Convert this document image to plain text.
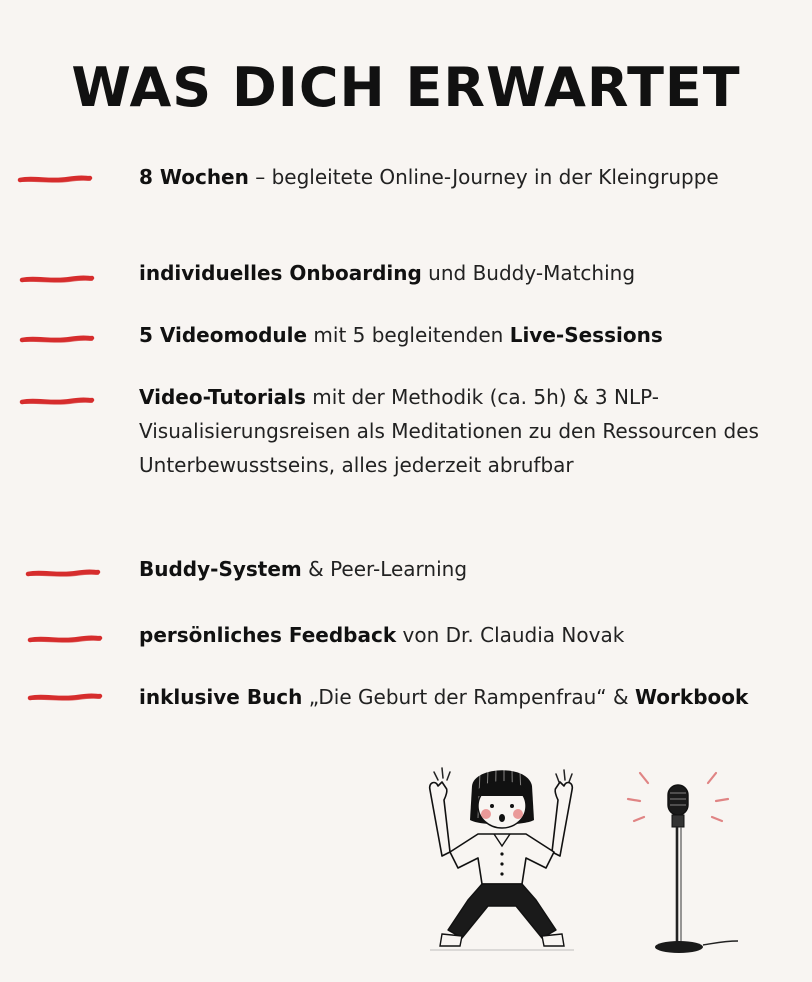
WAS DICH ERWARTET

8 Wochen – begleitete Online-Journey in der Kleingruppe

individuelles Onboarding und Buddy-Matching

5 Videomodule mit 5 begleitenden Live-Sessions

Video-Tutorials mit der Methodik (ca. 5h) & 3 NLP-Visualisierungsreisen als Meditationen zu den Ressourcen des Unterbewusstseins, alles jederzeit abrufbar

Buddy-System & Peer-Learning

persönliches Feedback von Dr. Claudia Novak

inklusive Buch „Die Geburt der Rampenfrau“ & Workbook
